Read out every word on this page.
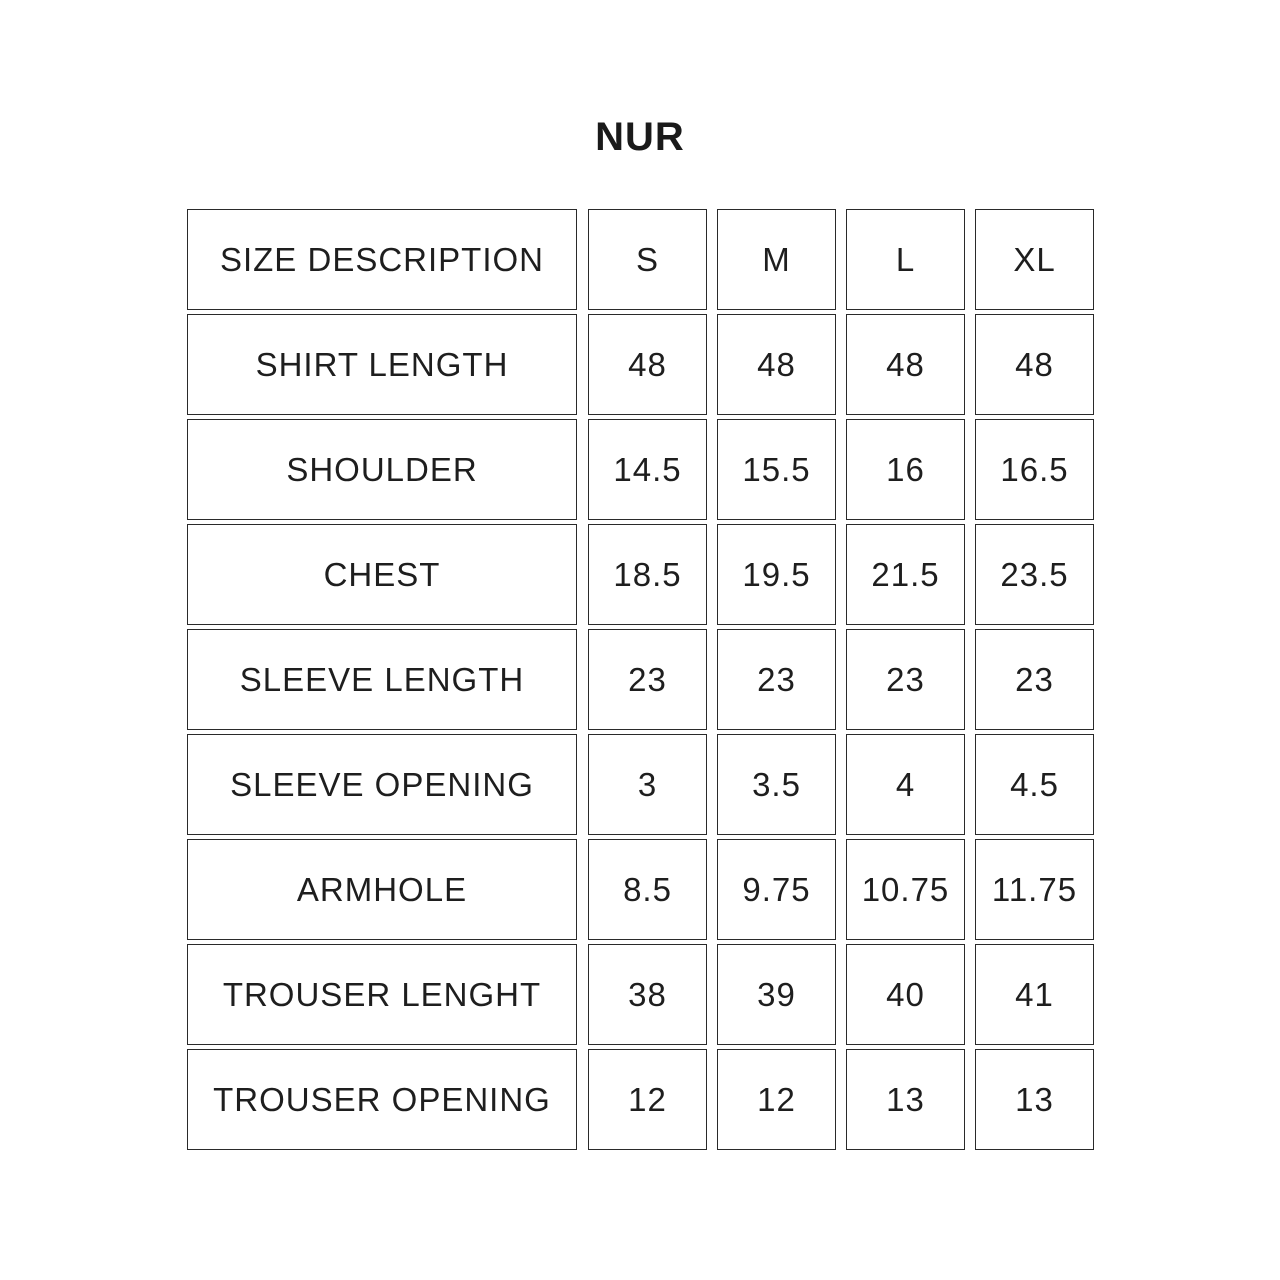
NUR
SIZE DESCRIPTION	S	M	L	XL
SHIRT LENGTH	48	48	48	48
SHOULDER	14.5	15.5	16	16.5
CHEST	18.5	19.5	21.5	23.5
SLEEVE LENGTH	23	23	23	23
SLEEVE OPENING	3	3.5	4	4.5
ARMHOLE	8.5	9.75	10.75	11.75
TROUSER LENGHT	38	39	40	41
TROUSER OPENING	12	12	13	13
